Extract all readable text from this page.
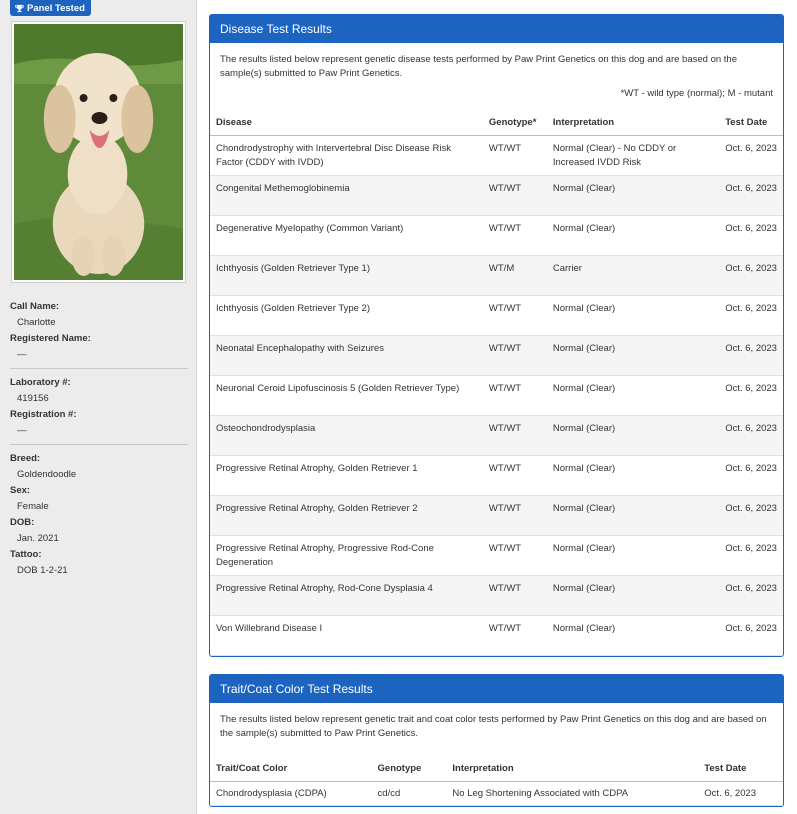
Panel Tested
Call Name:
Charlotte
Registered Name:
—
Laboratory #:
419156
Registration #:
—
Breed:
Goldendoodle
Sex:
Female
DOB:
Jan. 2021
Tattoo:
DOB 1-2-21
Disease Test Results
The results listed below represent genetic disease tests performed by Paw Print Genetics on this dog and are based on the sample(s) submitted to Paw Print Genetics.
*WT - wild type (normal); M - mutant
Disease	Genotype*	Interpretation	Test Date
Chondrodystrophy with Intervertebral Disc Disease Risk Factor (CDDY with IVDD)	WT/WT	Normal (Clear) - No CDDY or Increased IVDD Risk	Oct. 6, 2023
Congenital Methemoglobinemia	WT/WT	Normal (Clear)	Oct. 6, 2023
Degenerative Myelopathy (Common Variant)	WT/WT	Normal (Clear)	Oct. 6, 2023
Ichthyosis (Golden Retriever Type 1)	WT/M	Carrier	Oct. 6, 2023
Ichthyosis (Golden Retriever Type 2)	WT/WT	Normal (Clear)	Oct. 6, 2023
Neonatal Encephalopathy with Seizures	WT/WT	Normal (Clear)	Oct. 6, 2023
Neuronal Ceroid Lipofuscinosis 5 (Golden Retriever Type)	WT/WT	Normal (Clear)	Oct. 6, 2023
Osteochondrodysplasia	WT/WT	Normal (Clear)	Oct. 6, 2023
Progressive Retinal Atrophy, Golden Retriever 1	WT/WT	Normal (Clear)	Oct. 6, 2023
Progressive Retinal Atrophy, Golden Retriever 2	WT/WT	Normal (Clear)	Oct. 6, 2023
Progressive Retinal Atrophy, Progressive Rod-Cone Degeneration	WT/WT	Normal (Clear)	Oct. 6, 2023
Progressive Retinal Atrophy, Rod-Cone Dysplasia 4	WT/WT	Normal (Clear)	Oct. 6, 2023
Von Willebrand Disease I	WT/WT	Normal (Clear)	Oct. 6, 2023
Trait/Coat Color Test Results
The results listed below represent genetic trait and coat color tests performed by Paw Print Genetics on this dog and are based on the sample(s) submitted to Paw Print Genetics.
Trait/Coat Color	Genotype	Interpretation	Test Date
Chondrodysplasia (CDPA)	cd/cd	No Leg Shortening Associated with CDPA	Oct. 6, 2023
